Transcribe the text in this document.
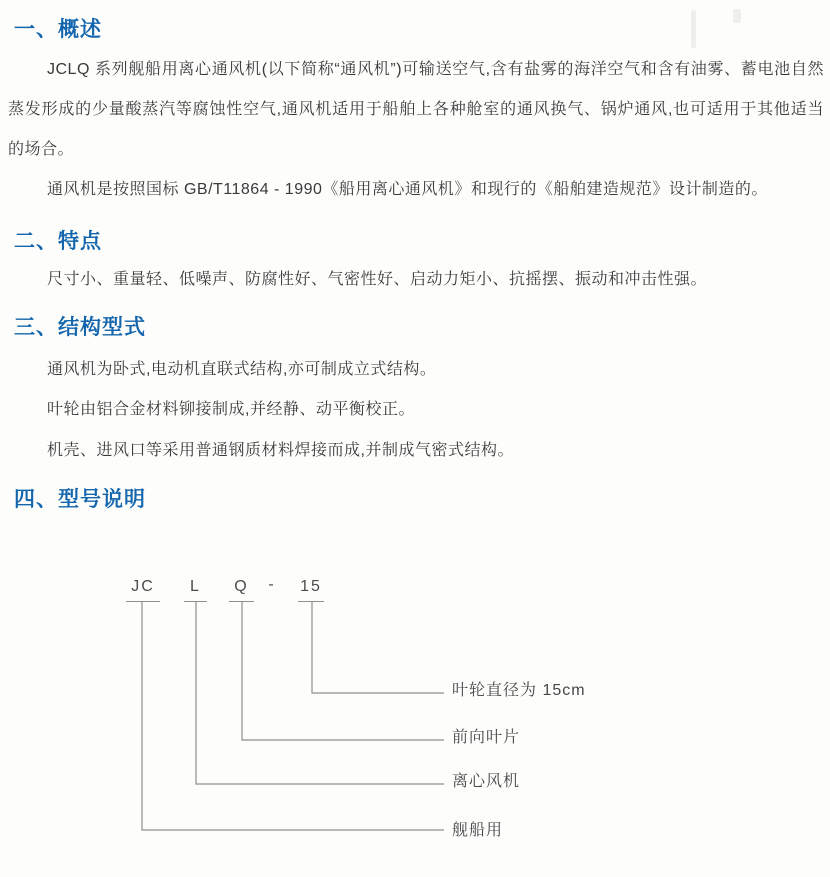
一、概述
JCLQ 系列舰船用离心通风机(以下简称“通风机”)可输送空气,含有盐雾的海洋空气和含有油雾、蓄电池自然蒸发形成的少量酸蒸汽等腐蚀性空气,通风机适用于船舶上各种舱室的通风换气、锅炉通风,也可适用于其他适当的场合。
通风机是按照国标 GB/T11864 - 1990《船用离心通风机》和现行的《船舶建造规范》设计制造的。
二、特点
尺寸小、重量轻、低噪声、防腐性好、气密性好、启动力矩小、抗摇摆、振动和冲击性强。
三、结构型式
通风机为卧式,电动机直联式结构,亦可制成立式结构。
叶轮由铝合金材料铆接制成,并经静、动平衡校正。
机壳、进风口等采用普通钢质材料焊接而成,并制成气密式结构。
四、型号说明
JC	L	Q	-	15
叶轮直径为 15cm
前向叶片
离心风机
舰船用
